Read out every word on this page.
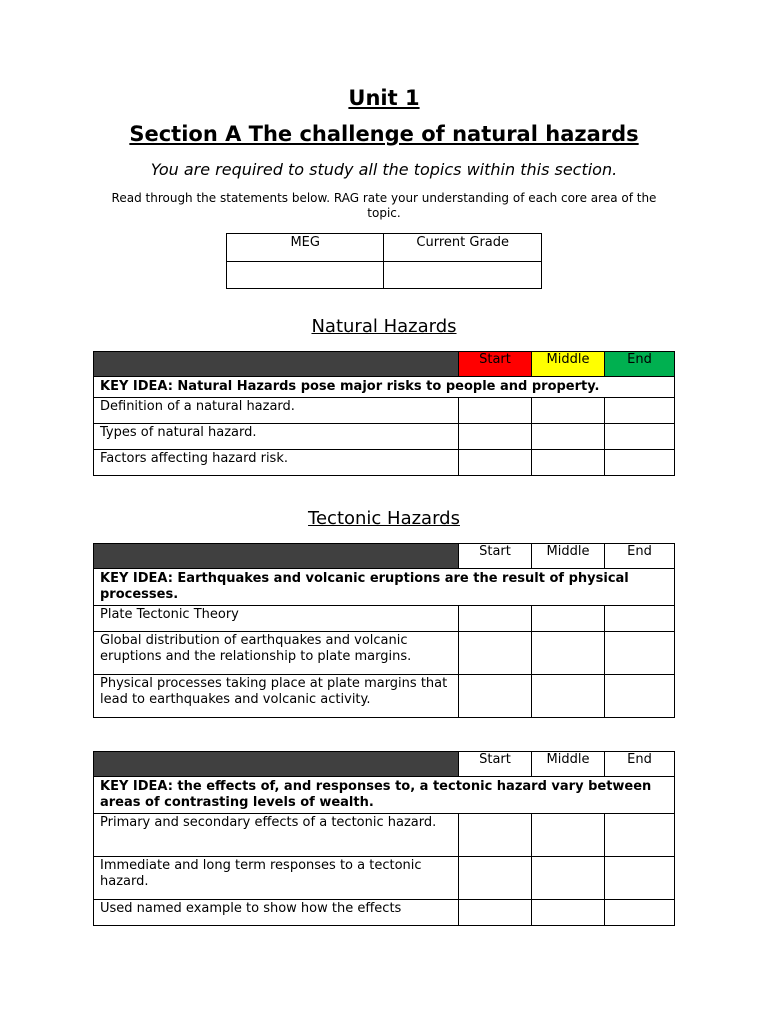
Unit 1
Section A The challenge of natural hazards
You are required to study all the topics within this section.
Read through the statements below. RAG rate your understanding of each core area of the topic.
MEG	Current Grade

Natural Hazards
	Start	Middle	End
KEY IDEA: Natural Hazards pose major risks to people and property.			
Definition of a natural hazard.			
Types of natural hazard.			
Factors affecting hazard risk.			
Tectonic Hazards
	Start	Middle	End
KEY IDEA: Earthquakes and volcanic eruptions are the result of physical processes.			
Plate Tectonic Theory			
Global distribution of earthquakes and volcanic eruptions and the relationship to plate margins.			
Physical processes taking place at plate margins that lead to earthquakes and volcanic activity.			
	Start	Middle	End
KEY IDEA: the effects of, and responses to, a tectonic hazard vary between areas of contrasting levels of wealth.			
Primary and secondary effects of a tectonic hazard.			
Immediate and long term responses to a tectonic hazard.			
Used named example to show how the effects			
